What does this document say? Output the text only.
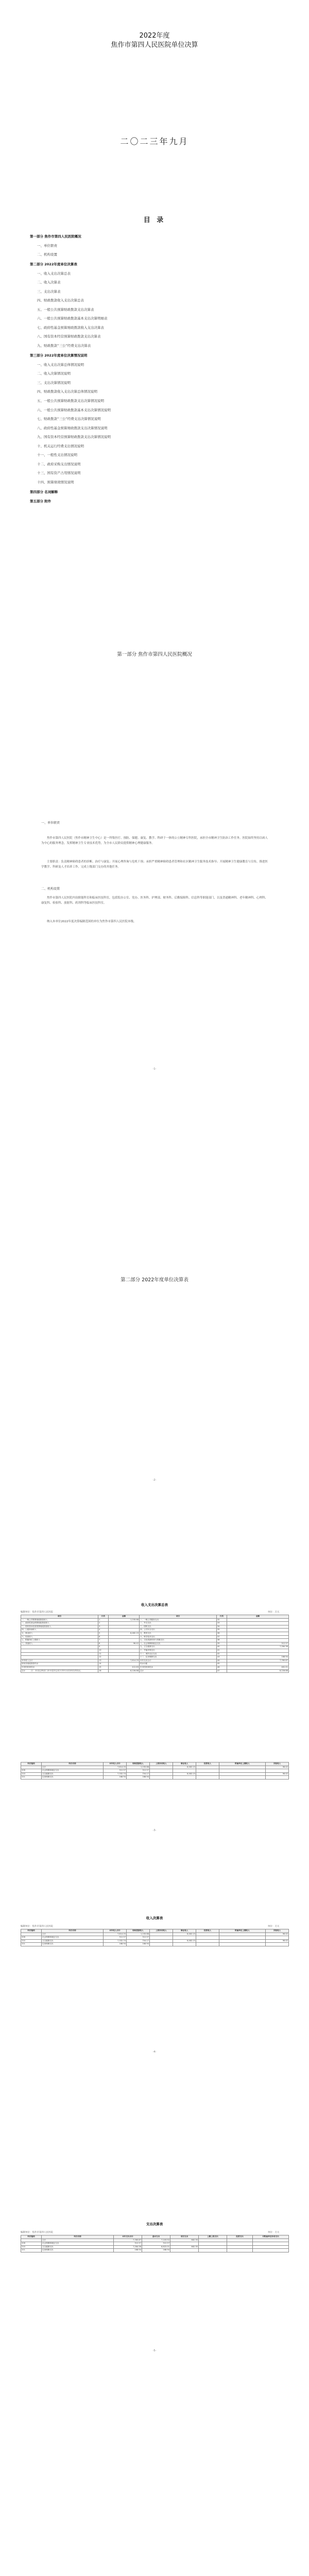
2022年度
焦作市第四人民医院单位决算
二〇二三年九月
目 录
第一部分 焦作市第四人民医院概况
一、单位职责
二、机构设置
第二部分 2022年度单位决算表
一、收入支出决算总表
二、收入决算表
三、支出决算表
四、财政拨款收入支出决算总表
五、一般公共预算财政拨款支出决算表
六、一般公共预算财政拨款基本支出决算明细表
七、政府性基金预算财政拨款收入支出决算表
八、国有资本经营预算财政拨款支出决算表
九、财政拨款“三公”经费支出决算表
第三部分 2022年度单位决算情况说明
一、收入支出决算总体情况说明
二、收入决算情况说明
三、支出决算情况说明
四、财政拨款收入支出决算总体情况说明
五、一般公共预算财政拨款支出决算情况说明
六、一般公共预算财政拨款基本支出决算情况说明
七、财政拨款“三公”经费支出决算情况说明
八、政府性基金预算财政拨款支出决算情况说明
九、国有资本经营预算财政拨款支出决算情况说明
十、机关运行经费支出情况说明
十一、一般性支出情况说明
十二、政府采购支出情况说明
十三、国有资产占用情况说明
十四、预算绩效情况说明
第四部分 名词解释
第五部分 附件
第一部分 焦作市第四人民医院概况
一、单位职责
焦作市第四人民医院（焦作市精神卫生中心）是一所集医疗、预防、保健、康复、教学、科研于一体的公立精神专科医院，承担全市精神卫生防治工作任务。医院始终坚持以病人为中心的服务理念，发挥精神卫生专业技术优势，为全市人民群众提供精神心理健康服务。
主要职责：负责精神障碍患者的诊断、治疗与康复；开展心理咨询与危机干预；承担严重精神障碍患者管理和社区精神卫生服务技术指导；开展精神卫生健康教育与宣传，推进医学教学、科研及人才培养工作，完成上级部门交办的其他任务。
二、机构设置
焦作市第四人民医院内设职能科室和临床医技科室，包括院办公室、党办、医务科、护理部、财务科、后勤保障科、信息科等职能部门，以及普通精神科、老年精神科、心理科、康复科、检验科、放射科、药剂科等临床医技科室。
纳入本单位2022年度决算编制范围的单位为焦作市第四人民医院本级。
-1-
第二部分 2022年度单位决算表
-2-
收入支出决算总表
编制单位：焦作市第四人民医院	单位：万元
项目	行次	金额	项目	行次	金额
一、一般公共预算财政拨款收入	1	1,235.68	一、一般公共服务支出	32	
二、政府性基金预算财政拨款收入	2		二、外交支出	33	
三、国有资本经营预算财政拨款收入	3		三、国防支出	34	
四、上级补助收入	4		四、公共安全支出	35	
五、事业收入	5	6,482.15	五、教育支出	36	
六、经营收入	6		六、科学技术支出	37	
七、附属单位上缴收入	7		七、文化旅游体育与传媒支出	38	
八、其他收入	8	96.42	八、社会保障和就业支出	39	312.57
	9		九、卫生健康支出	40	7,284.36
	10		十、节能环保支出	41	
	11		十一、城乡社区支出	42	
	12		十二、住房保障支出	43	168.94
本年收入合计	13	7,814.25	本年支出合计	44	7,765.87
使用非财政拨款结余	14		结余分配	45	
年初结转和结余	15	412.63	年末结转和结余	46	461.01
总计	16	8,226.88	总计	47	8,226.88
注：本表反映部门本年度的总收支和年末结转结余情况。
科目编码	科目名称	本年收入合计	财政拨款收入	上级补助收入	事业收入	经营收入	附属单位上缴收入	其他收入
	合计	7,814.25	1,235.68		6,482.15			96.42
208	社会保障和就业支出	312.57	312.57					
210	卫生健康支出	7,332.74	754.17		6,482.15			96.42
221	住房保障支出	168.94	168.94					
-3-
收入决算表
编制单位：焦作市第四人民医院	单位：万元
科目编码	科目名称	本年收入合计	财政拨款收入	上级补助收入	事业收入	经营收入	附属单位上缴收入	其他收入
	合计	7,814.25	1,235.68		6,482.15			96.42
208	社会保障和就业支出	312.57	312.57					
210	卫生健康支出	7,332.74	754.17		6,482.15			96.42
221	住房保障支出	168.94	168.94					
-4-
支出决算表
编制单位：焦作市第四人民医院	单位：万元
科目编码	科目名称	本年支出合计	基本支出	项目支出	上缴上级支出	经营支出	对附属单位补助支出
	合计	7,765.87	7,103.52	662.35			
208	社会保障和就业支出	312.57	312.57				
210	卫生健康支出	7,284.36	6,622.01	662.35			
221	住房保障支出	168.94	168.94				
-5-
